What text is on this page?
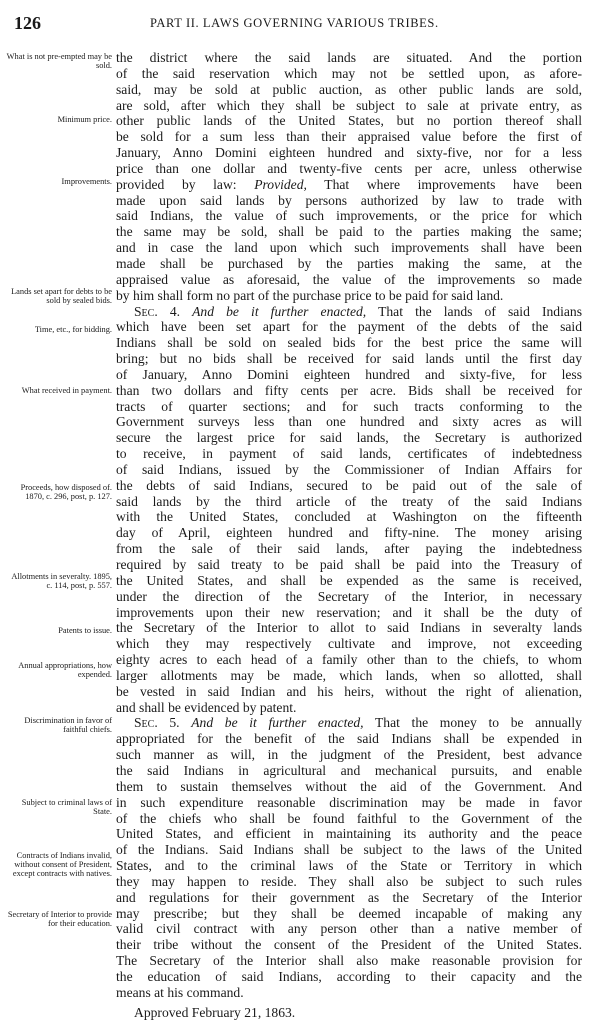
126	PART II. LAWS GOVERNING VARIOUS TRIBES.
What is not pre-empted may be sold.
Minimum price.
Improvements.
Lands set apart for debts to be sold by sealed bids.
Time, etc., for bidding.
What received in payment.
Proceeds, how disposed of. 1870, c. 296, post, p. 127.
Allotments in severalty. 1895, c. 114, post, p. 557.
Patents to issue.
Annual appropriations, how expended.
Discrimination in favor of faithful chiefs.
Subject to criminal laws of State.
Contracts of Indians invalid, without consent of President, except contracts with natives.
Secretary of Interior to provide for their education.

the district where the said lands are situated. And the portion
of the said reservation which may not be settled upon, as afore-
said, may be sold at public auction, as other public lands are sold,
are sold, after which they shall be subject to sale at private entry, as
other public lands of the United States, but no portion thereof shall
be sold for a sum less than their appraised value before the first of
January, Anno Domini eighteen hundred and sixty-five, nor for a less
price than one dollar and twenty-five cents per acre, unless otherwise
provided by law: Provided, That where improvements have been
made upon said lands by persons authorized by law to trade with
said Indians, the value of such improvements, or the price for which
the same may be sold, shall be paid to the parties making the same;
and in case the land upon which such improvements shall have been
made shall be purchased by the parties making the same, at the
appraised value as aforesaid, the value of the improvements so made
by him shall form no part of the purchase price to be paid for said land.

Sec. 4. And be it further enacted, That the lands of said Indians
which have been set apart for the payment of the debts of the said
Indians shall be sold on sealed bids for the best price the same will
bring; but no bids shall be received for said lands until the first day
of January, Anno Domini eighteen hundred and sixty-five, for less
than two dollars and fifty cents per acre. Bids shall be received for
tracts of quarter sections; and for such tracts conforming to the
Government surveys less than one hundred and sixty acres as will
secure the largest price for said lands, the Secretary is authorized
to receive, in payment of said lands, certificates of indebtedness
of said Indians, issued by the Commissioner of Indian Affairs for
the debts of said Indians, secured to be paid out of the sale of
said lands by the third article of the treaty of the said Indians
with the United States, concluded at Washington on the fifteenth
day of April, eighteen hundred and fifty-nine. The money arising
from the sale of their said lands, after paying the indebtedness
required by said treaty to be paid shall be paid into the Treasury of
the United States, and shall be expended as the same is received,
under the direction of the Secretary of the Interior, in necessary
improvements upon their new reservation; and it shall be the duty of
the Secretary of the Interior to allot to said Indians in severalty lands
which they may respectively cultivate and improve, not exceeding
eighty acres to each head of a family other than to the chiefs, to whom
larger allotments may be made, which lands, when so allotted, shall
be vested in said Indian and his heirs, without the right of alienation,
and shall be evidenced by patent.

Sec. 5. And be it further enacted, That the money to be annually
appropriated for the benefit of the said Indians shall be expended in
such manner as will, in the judgment of the President, best advance
the said Indians in agricultural and mechanical pursuits, and enable
them to sustain themselves without the aid of the Government. And
in such expenditure reasonable discrimination may be made in favor
of the chiefs who shall be found faithful to the Government of the
United States, and efficient in maintaining its authority and the peace
of the Indians. Said Indians shall be subject to the laws of the United
States, and to the criminal laws of the State or Territory in which
they may happen to reside. They shall also be subject to such rules
and regulations for their government as the Secretary of the Interior
may prescribe; but they shall be deemed incapable of making any
valid civil contract with any person other than a native member of
their tribe without the consent of the President of the United States.
The Secretary of the Interior shall also make reasonable provision for
the education of said Indians, according to their capacity and the
means at his command.

Approved February 21, 1863.
